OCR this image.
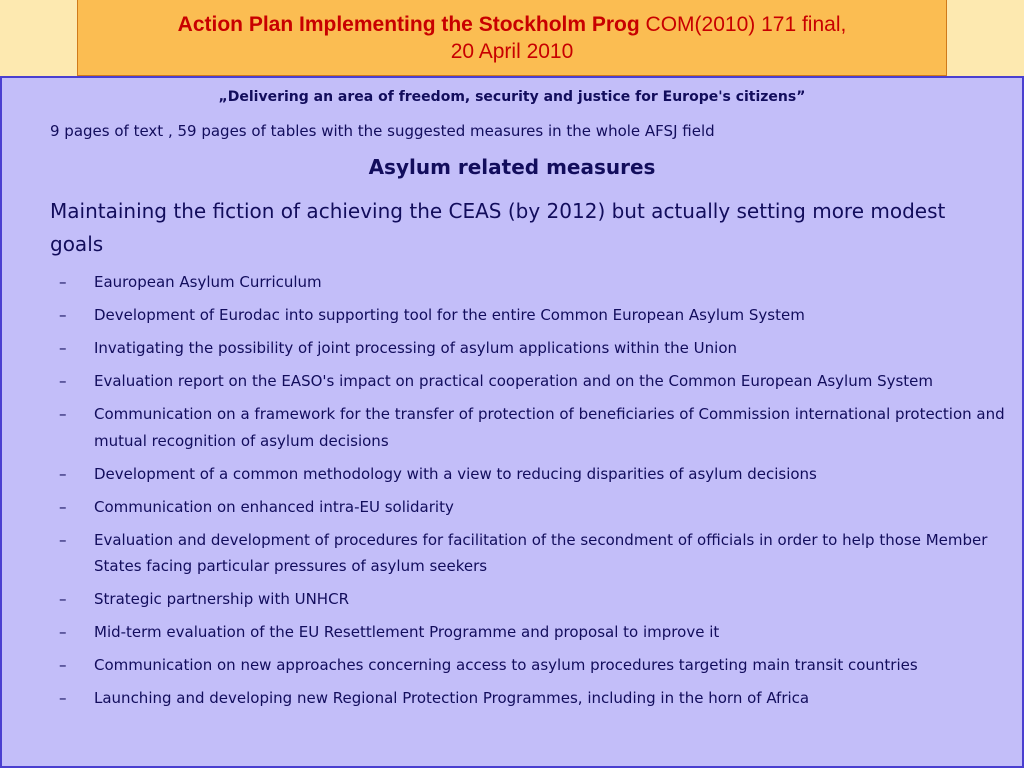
Action Plan Implementing the Stockholm Prog COM(2010) 171 final,
20 April 2010
„Delivering an area of freedom, security and justice for Europe's citizens”
9 pages of text , 59 pages of tables with the suggested measures in the whole AFSJ field
Asylum related measures
Maintaining the fiction of achieving the CEAS (by 2012) but actually setting more modest goals
– Eauropean Asylum Curriculum
– Development of Eurodac into supporting tool for the entire Common European Asylum System
– Invatigating the possibility of joint processing of asylum applications within the Union
– Evaluation report on the EASO's impact on practical cooperation and on the Common European Asylum System
– Communication on a framework for the transfer of protection of beneficiaries of Commission international protection and mutual recognition of asylum decisions
– Development of a common methodology with a view to reducing disparities of asylum decisions
– Communication on enhanced intra-EU solidarity
– Evaluation and development of procedures for facilitation of the secondment of officials in order to help those Member States facing particular pressures of asylum seekers
– Strategic partnership with UNHCR
– Mid-term evaluation of the EU Resettlement Programme and proposal to improve it
– Communication on new approaches concerning access to asylum procedures targeting main transit countries
– Launching and developing new Regional Protection Programmes, including in the horn of Africa
